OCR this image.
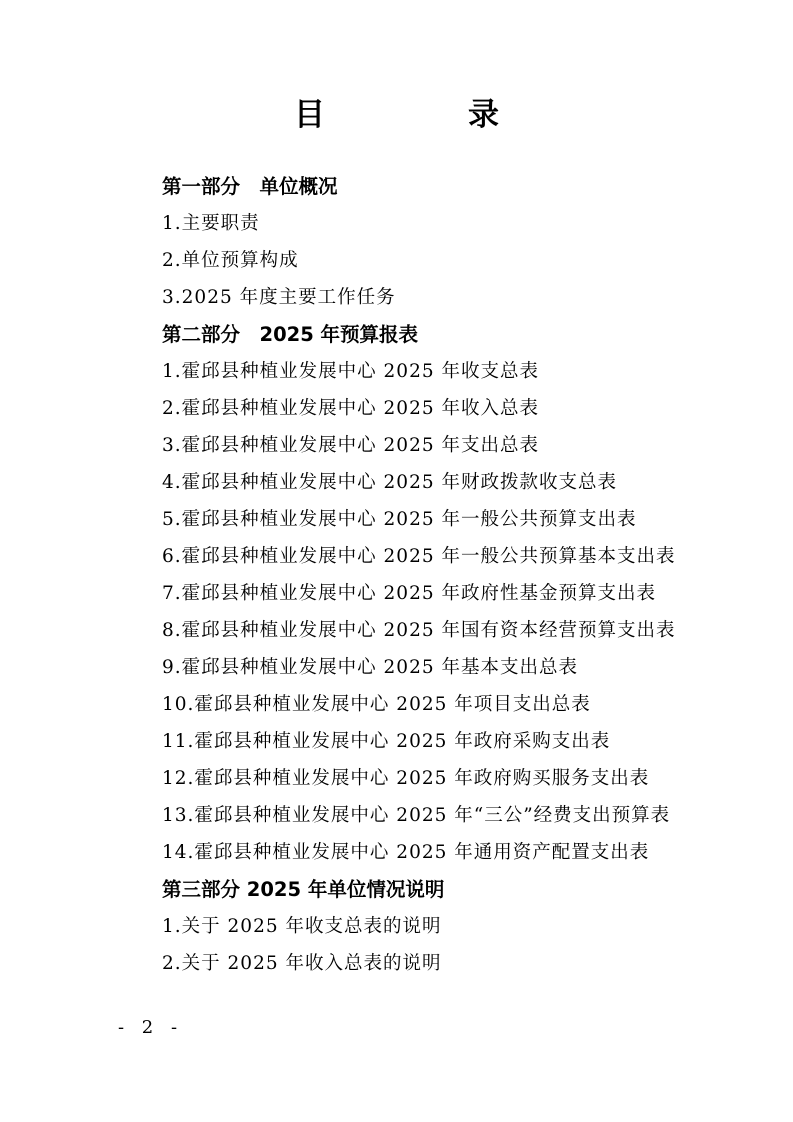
目　录
第一部分　单位概况
1.主要职责
2.单位预算构成
3.2025 年度主要工作任务
第二部分　2025 年预算报表
1.霍邱县种植业发展中心 2025 年收支总表
2.霍邱县种植业发展中心 2025 年收入总表
3.霍邱县种植业发展中心 2025 年支出总表
4.霍邱县种植业发展中心 2025 年财政拨款收支总表
5.霍邱县种植业发展中心 2025 年一般公共预算支出表
6.霍邱县种植业发展中心 2025 年一般公共预算基本支出表
7.霍邱县种植业发展中心 2025 年政府性基金预算支出表
8.霍邱县种植业发展中心 2025 年国有资本经营预算支出表
9.霍邱县种植业发展中心 2025 年基本支出总表
10.霍邱县种植业发展中心 2025 年项目支出总表
11.霍邱县种植业发展中心 2025 年政府采购支出表
12.霍邱县种植业发展中心 2025 年政府购买服务支出表
13.霍邱县种植业发展中心 2025 年“三公”经费支出预算表
14.霍邱县种植业发展中心 2025 年通用资产配置支出表
第三部分 2025 年单位情况说明
1.关于 2025 年收支总表的说明
2.关于 2025 年收入总表的说明
- 2 -
